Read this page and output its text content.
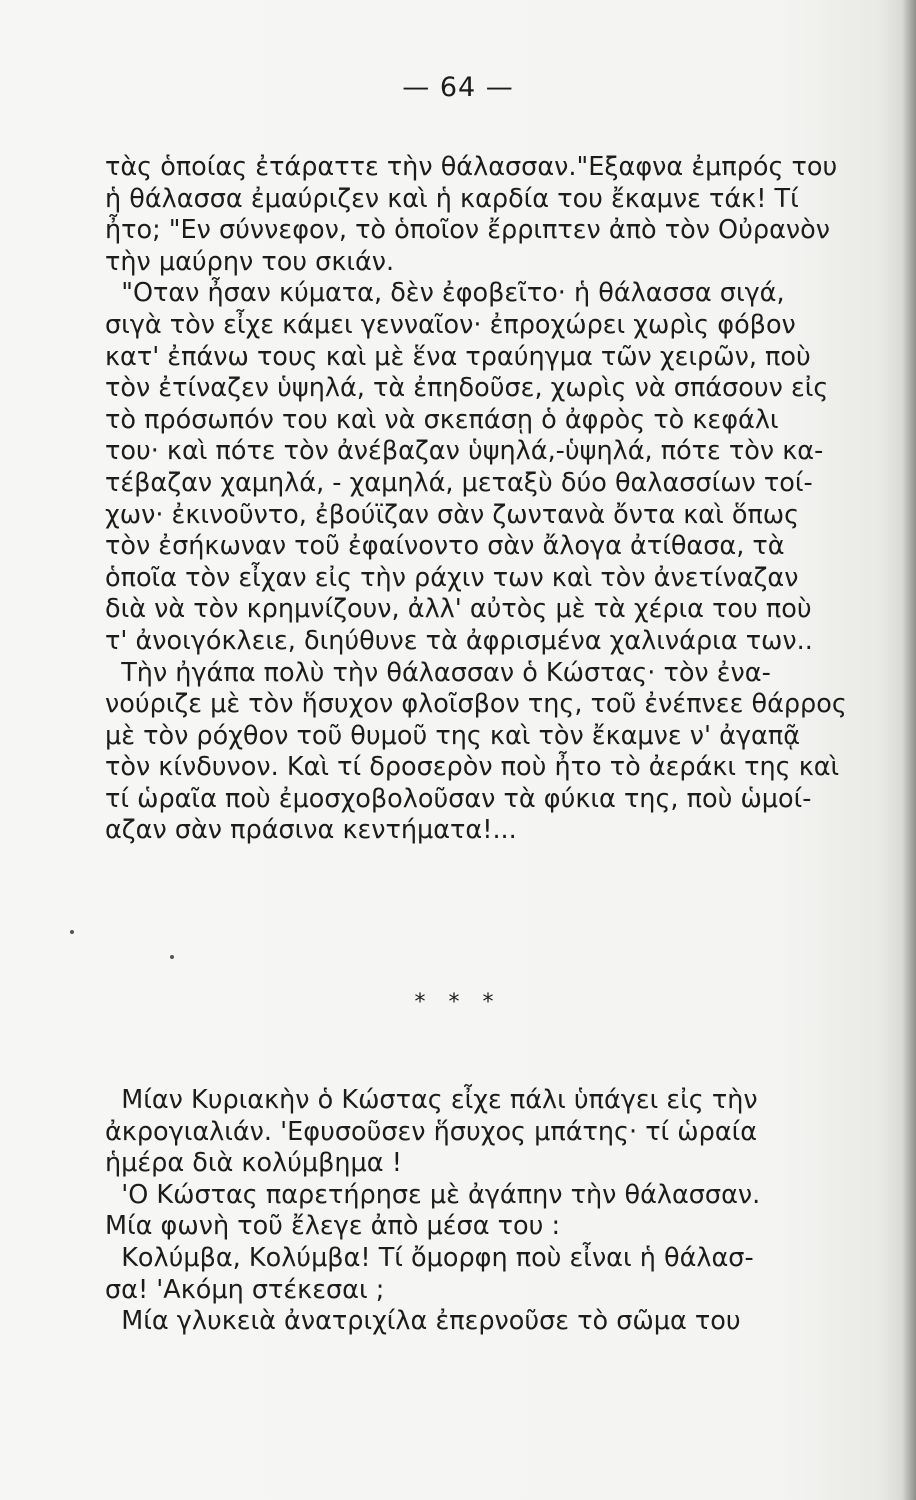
— 64 —
τὰς ὁποίας ἐτάραττε τὴν θάλασσαν."Εξαφνα ἐμπρός του
ἡ θάλασσα ἐμαύριζεν καὶ ἡ καρδία του ἔκαμνε τάκ! Τί
ἦτο; "Εν σύννεφον, τὸ ὁποῖον ἔρριπτεν ἀπὸ τὸν Οὐρανὸν
τὴν μαύρην του σκιάν.
"Οταν ἦσαν κύματα, δὲν ἐφοβεῖτο· ἡ θάλασσα σιγά,
σιγὰ τὸν εἶχε κάμει γενναῖον· ἐπροχώρει χωρὶς φόβον
κατ' ἐπάνω τους καὶ μὲ ἕνα τραύηγμα τῶν χειρῶν, ποὺ
τὸν ἐτίναζεν ὑψηλά, τὰ ἐπηδοῦσε, χωρὶς νὰ σπάσουν εἰς
τὸ πρόσωπόν του καὶ νὰ σκεπάσῃ ὁ ἀφρὸς τὸ κεφάλι
του· καὶ πότε τὸν ἀνέβαζαν ὑψηλά,-ὑψηλά, πότε τὸν κα-
τέβαζαν χαμηλά, - χαμηλά, μεταξὺ δύο θαλασσίων τοί-
χων· ἐκινοῦντο, ἐβούϊζαν σὰν ζωντανὰ ὄντα καὶ ὅπως
τὸν ἐσήκωναν τοῦ ἐφαίνοντο σὰν ἄλογα ἀτίθασα, τὰ
ὁποῖα τὸν εἶχαν εἰς τὴν ράχιν των καὶ τὸν ἀνετίναζαν
διὰ νὰ τὸν κρημνίζουν, ἀλλ' αὐτὸς μὲ τὰ χέρια του ποὺ
τ' ἀνοιγόκλειε, διηύθυνε τὰ ἀφρισμένα χαλινάρια των..
Τὴν ἠγάπα πολὺ τὴν θάλασσαν ὁ Κώστας· τὸν ἐνα-
νούριζε μὲ τὸν ἥσυχον φλοῖσβον της, τοῦ ἐνέπνεε θάρρος
μὲ τὸν ρόχθον τοῦ θυμοῦ της καὶ τὸν ἔκαμνε ν' ἀγαπᾷ
τὸν κίνδυνον. Καὶ τί δροσερὸν ποὺ ἦτο τὸ ἀεράκι της καὶ
τί ὡραῖα ποὺ ἐμοσχοβολοῦσαν τὰ φύκια της, ποὺ ὡμοί-
αζαν σὰν πράσινα κεντήματα!...
* * *
Μίαν Κυριακὴν ὁ Κώστας εἶχε πάλι ὑπάγει εἰς τὴν
ἀκρογιαλιάν. 'Εφυσοῦσεν ἥσυχος μπάτης· τί ὡραία
ἡμέρα διὰ κολύμβημα !
'Ο Κώστας παρετήρησε μὲ ἀγάπην τὴν θάλασσαν.
Μία φωνὴ τοῦ ἔλεγε ἀπὸ μέσα του :
Κολύμβα, Κολύμβα! Τί ὄμορφη ποὺ εἶναι ἡ θάλασ-
σα! 'Ακόμη στέκεσαι ;
Μία γλυκειὰ ἀνατριχίλα ἐπερνοῦσε τὸ σῶμα του
